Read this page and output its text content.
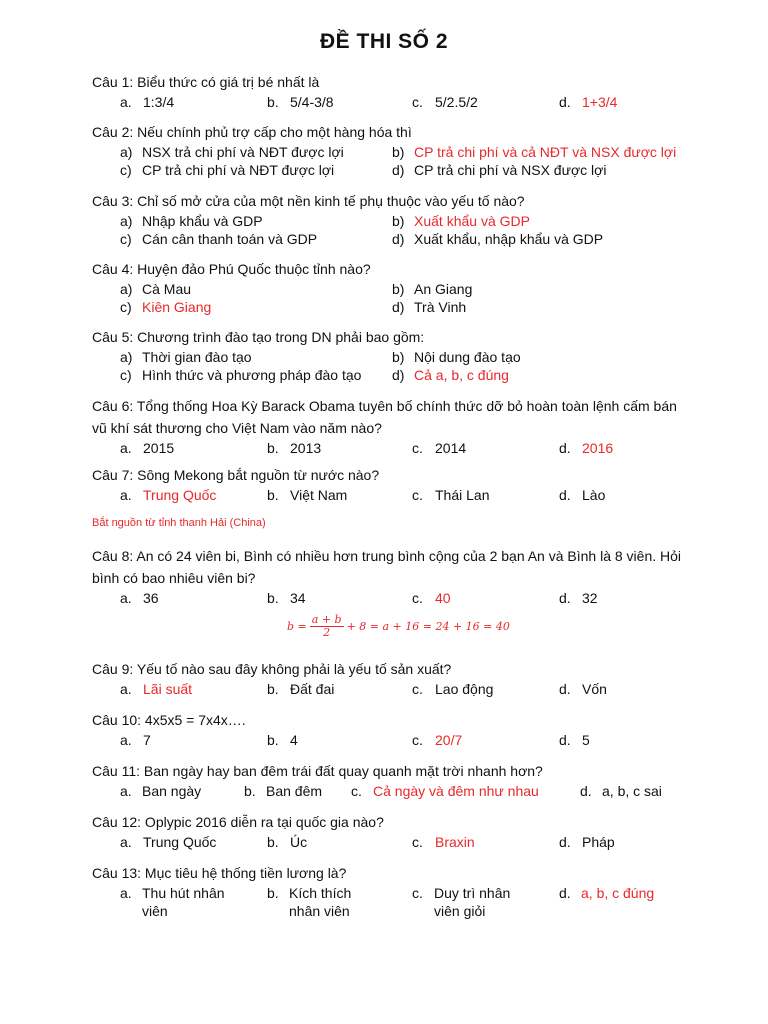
ĐỀ THI SỐ 2
Câu 1: Biểu thức có giá trị bé nhất là
a. 1:3/4	b. 5/4-3/8	c. 5/2.5/2	d. 1+3/4
Câu 2: Nếu chính phủ trợ cấp cho một hàng hóa thì
a) NSX trả chi phí và NĐT được lợi	b) CP trả chi phí và cả NĐT và NSX được lợi
c) CP trả chi phí và NĐT được lợi	d) CP trả chi phí và NSX được lợi
Câu 3: Chỉ số mở cửa của một nền kinh tế phụ thuộc vào yếu tố nào?
a) Nhập khẩu và GDP	b) Xuất khẩu và GDP
c) Cán cân thanh toán và GDP	d) Xuất khẩu, nhập khẩu và GDP
Câu 4: Huyện đảo Phú Quốc thuộc tỉnh nào?
a) Cà Mau	b) An Giang
c) Kiên Giang	d) Trà Vinh
Câu 5: Chương trình đào tạo trong DN phải bao gồm:
a) Thời gian đào tạo	b) Nội dung đào tạo
c) Hình thức và phương pháp đào tạo d) Cả a, b, c đúng
Câu 6: Tổng thống Hoa Kỳ Barack Obama tuyên bố chính thức dỡ bỏ hoàn toàn lệnh cấm bán
vũ khí sát thương cho Việt Nam vào năm nào?
a. 2015	b. 2013	c. 2014	d. 2016
Câu 7: Sông Mekong bắt nguồn từ nước nào?
a. Trung Quốc	b. Việt Nam	c. Thái Lan	d. Lào
Bắt nguồn từ tỉnh thanh Hải (China)
Câu 8: An có 24 viên bi, Bình có nhiều hơn trung bình cộng của 2 bạn An và Bình là 8 viên. Hỏi
bình có bao nhiêu viên bi?
a. 36	b. 34	c. 40	d. 32
$b = \frac{a + b}{2} + 8 = a + 16 = 24 + 16 = 40$
Câu 9: Yếu tố nào sau đây không phải là yếu tố sản xuất?
a. Lãi suất	b. Đất đai	c. Lao động	d. Vốn
Câu 10: 4x5x5 = 7x4x….
a. 7	b. 4	c. 20/7	d. 5
Câu 11: Ban ngày hay ban đêm trái đất quay quanh mặt trời nhanh hơn?
a. Ban ngày	b. Ban đêm c. Cả ngày và đêm như nhau	d. a, b, c sai
Câu 12: Oplypic 2016 diễn ra tại quốc gia nào?
a. Trung Quốc	b. Úc	c. Braxin	d. Pháp
Câu 13: Mục tiêu hệ thống tiền lương là?
a. Thu hút nhân
viên
b. Kích thích
nhân viên
c. Duy trì nhân
viên giỏi
d. a, b, c đúng
